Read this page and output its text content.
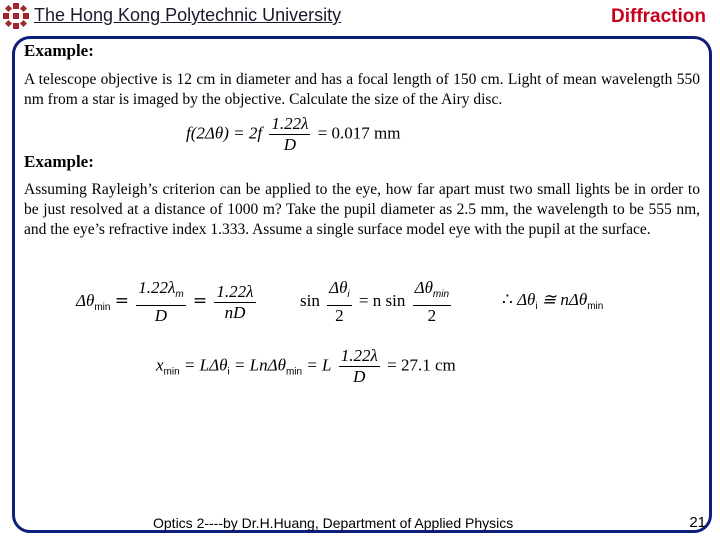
The Hong Kong Polytechnic University	Diffraction
Example:
A telescope objective is 12 cm in diameter and has a focal length of 150 cm. Light of mean wavelength 550 nm from a star is imaged by the objective. Calculate the size of the Airy disc.
$f(2\Delta\theta) = 2f \frac{1.22\lambda}{D} = 0.017$ mm
Example:
Assuming Rayleigh’s criterion can be applied to the eye, how far apart must two small lights be in order to be just resolved at a distance of 1000 m? Take the pupil diameter as 2.5 mm, the wavelength to be 555 nm, and the eye’s refractive index 1.333. Assume a single surface model eye with the pupil at the surface.
$\Delta\theta_{min} = \frac{1.22\lambda_m}{D} = \frac{1.22\lambda}{nD}$	$\sin \frac{\Delta\theta_i}{2} = n$ $\sin \frac{\Delta\theta_{min}}{2}$	∴ $\Delta\theta_i$ ≅ nΔθ$_{min}$
$x_{min} = L\Delta\theta_i = Ln\Delta\theta_{min} = L \frac{1.22\lambda}{D} = 27.1$ cm
Optics 2----by Dr.H.Huang, Department of Applied Physics	21
